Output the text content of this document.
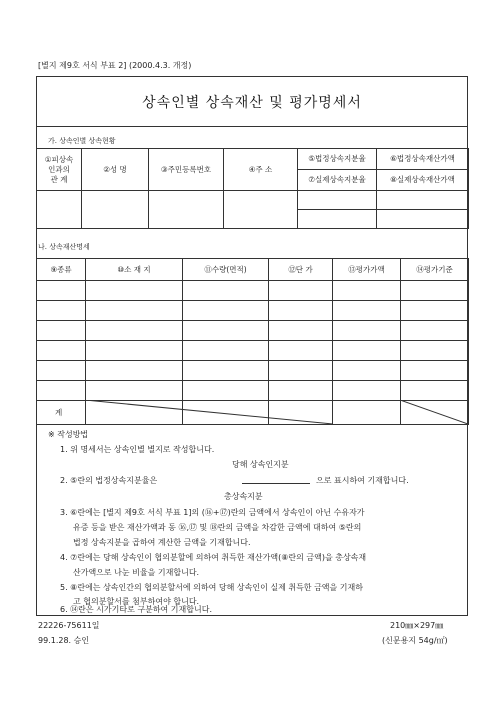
[별지 제9호 서식 부표 2] (2000.4.3. 개정)
상속인별 상속재산 및 평가명세서
가. 상속인별 상속현황
①피상속
인과의
관 계	②성 명	③주민등록번호	④주 소	⑤법정상속지분율	⑥법정상속재산가액
				⑦실제상속지분율	⑧실제상속재산가액

나. 상속재산명세
⑨종류	⑩소 재 지	⑪수량(면적)	⑫단 가	⑬평가가액	⑭평가기준

계					
※ 작성방법
1. 위 명세서는 상속인별 별지로 작성합니다.
당해 상속인지분
2. ⑤란의 법정상속지분율은	으로 표시하여 기재합니다.
총상속지분
3. ⑥란에는 [별지 제9호 서식 부표 1]의 (⑯+⑰)란의 금액에서 상속인이 아닌 수유자가
유증 등을 받은 재산가액과 동 ⑯,⑰ 및 ⑱란의 금액을 차감한 금액에 대하여 ⑤란의
법정 상속지분을 곱하여 계산한 금액을 기재합니다.
4. ⑦란에는 당해 상속인이 협의분할에 의하여 취득한 재산가액(⑧란의 금액)을 총상속재
산가액으로 나눈 비율을 기재합니다.
5. ⑧란에는 상속인간의 협의분할서에 의하여 당해 상속인이 실제 취득한 금액을 기재하
고 협의분할서를 첨부하여야 합니다.
6. ⑭란은 시가기타로 구분하여 기재합니다.
22226-75611일	210㎜×297㎜
99.1.28. 승인	(신문용지 54g/㎡)
